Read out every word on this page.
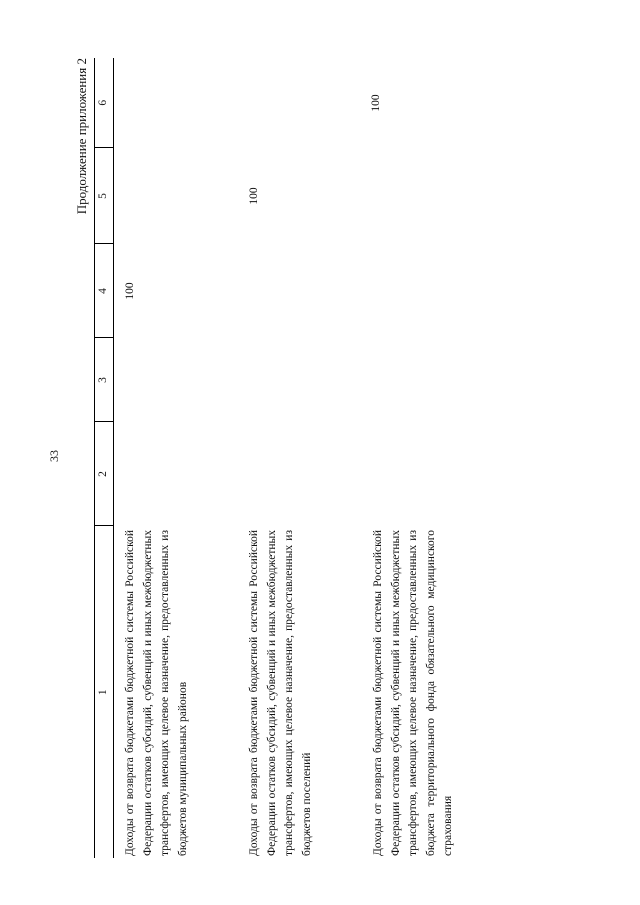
33
Продолжение приложения 2
1	2	3	4	5	6
Доходы от возврата бюджетами бюджетной системы Российской Федерации остатков субсидий, субвенций и иных межбюджетных трансфертов, имеющих целевое назначение, предоставленных из бюджетов муниципальных районов			100		
Доходы от возврата бюджетами бюджетной системы Российской Федерации остатков субсидий, субвенций и иных межбюджетных трансфертов, имеющих целевое назначение, предоставленных из бюджетов поселений				100	
Доходы от возврата бюджетами бюджетной системы Российской Федерации остатков субсидий, субвенций и иных межбюджетных трансфертов, имеющих целевое назначение, предоставленных из бюджета территориального фонда обязательного медицинского страхования					100
